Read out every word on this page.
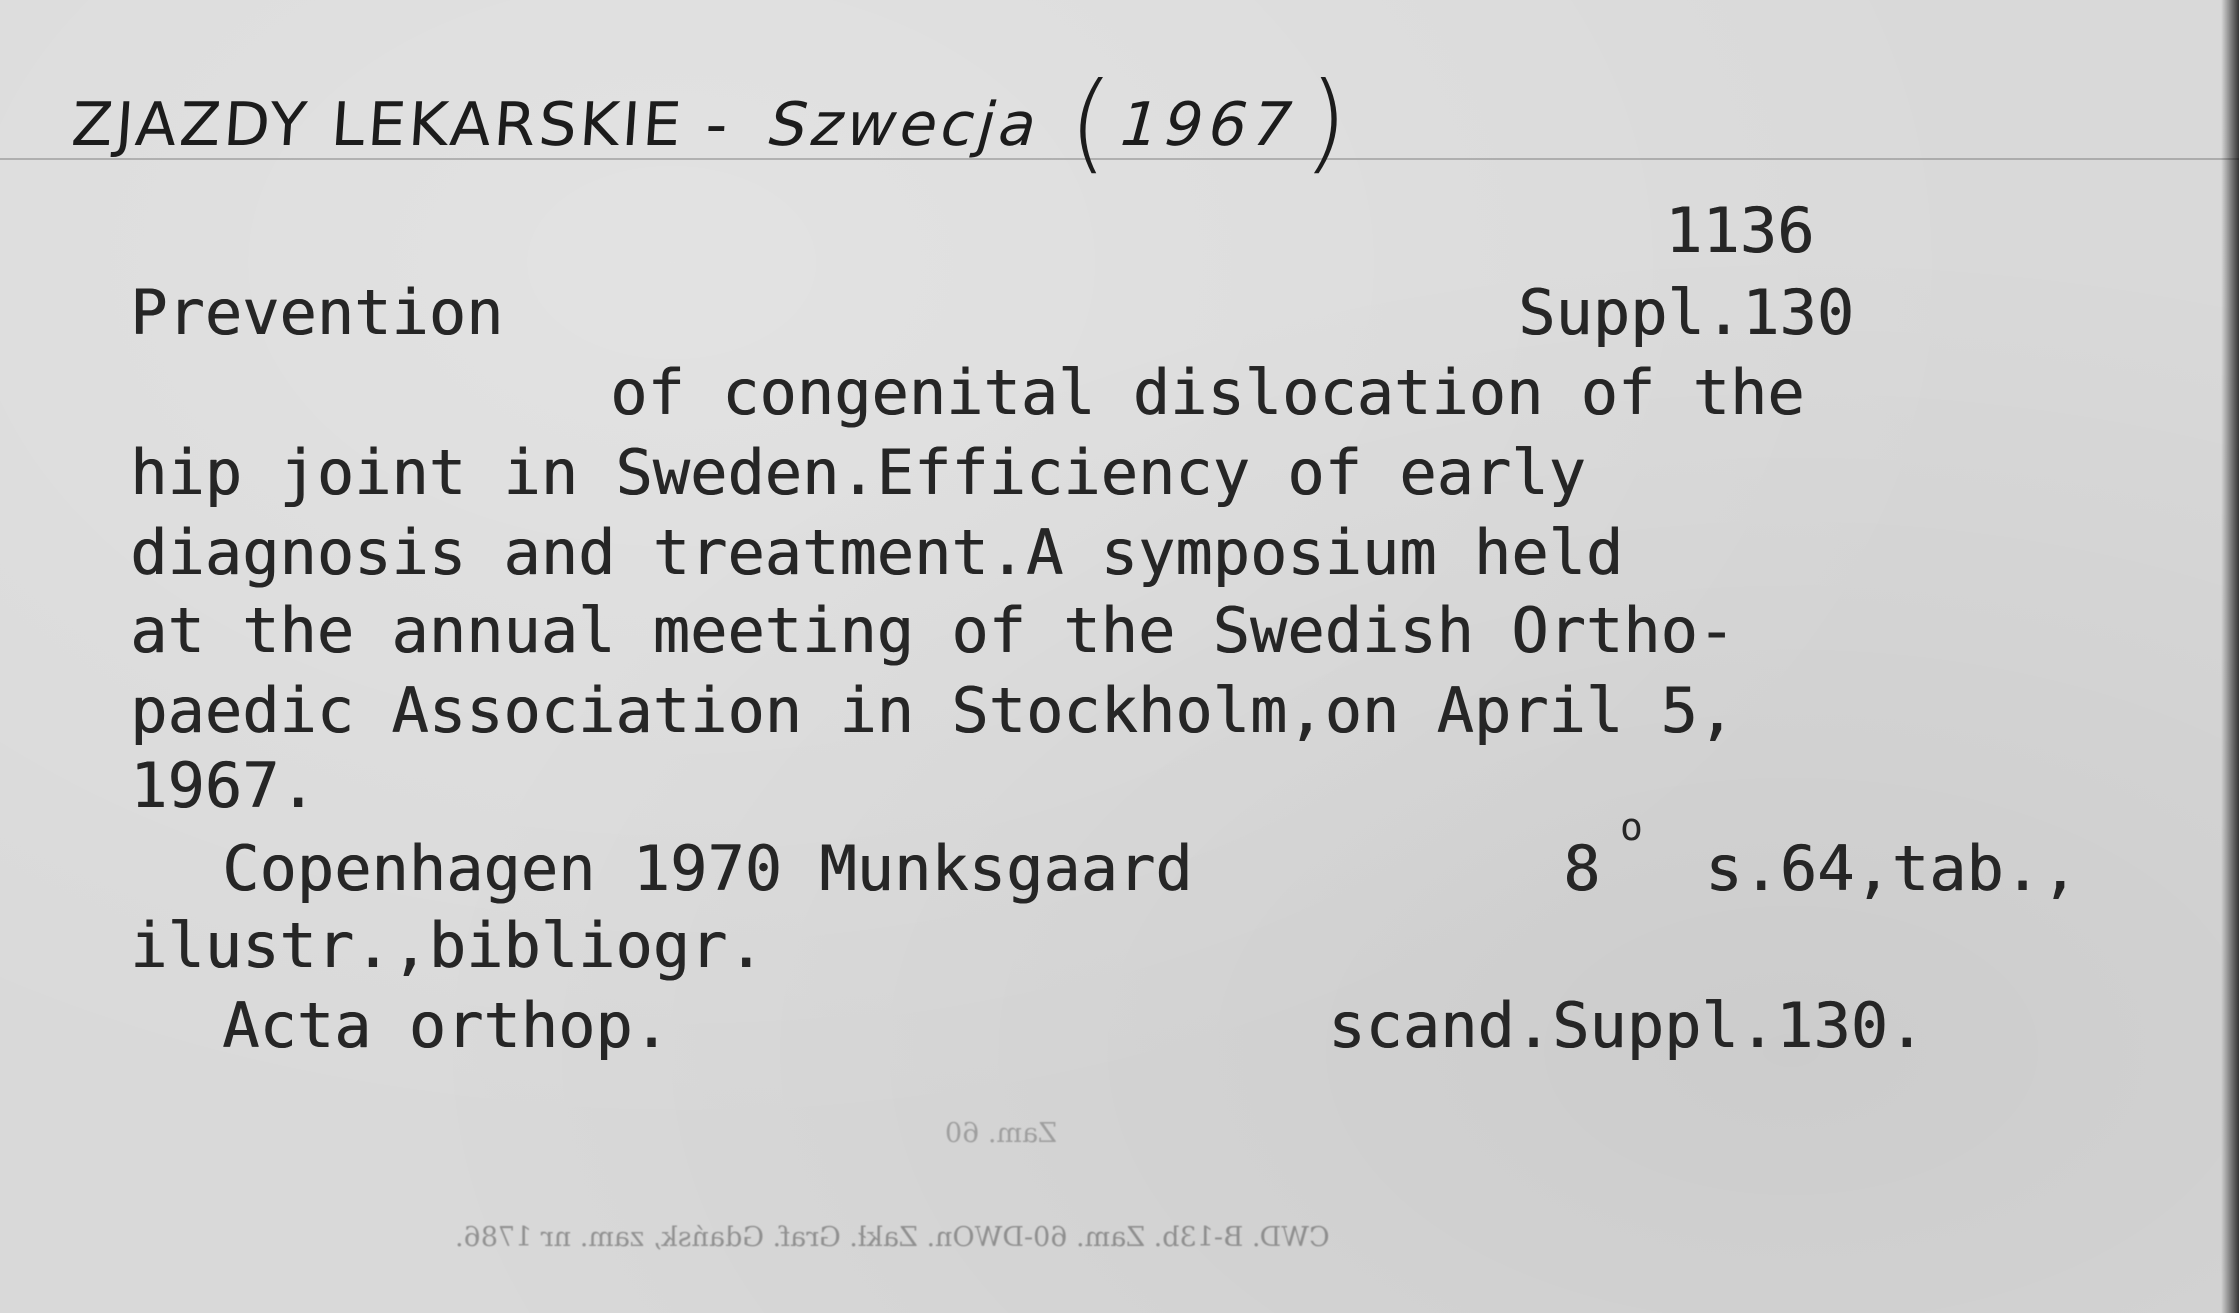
ZJAZDY LEKARSKIE - Szwecja (1967)
1136
Prevention	Suppl.130
of congenital dislocation of the
hip joint in Sweden.Efficiency of early
diagnosis and treatment.A symposium held
at the annual meeting of the Swedish Ortho-
paedic Association in Stockholm,on April 5,
1967.
Copenhagen 1970 Munksgaard	8
o
s.64,tab.,
ilustr.,bibliogr.
Acta orthop.	scand.Suppl.130.
Zam. 60
CWD. B-13b. Zam. 60-DWOn. Zakł. Graf. Gdańsk, zam. nr 1786.
